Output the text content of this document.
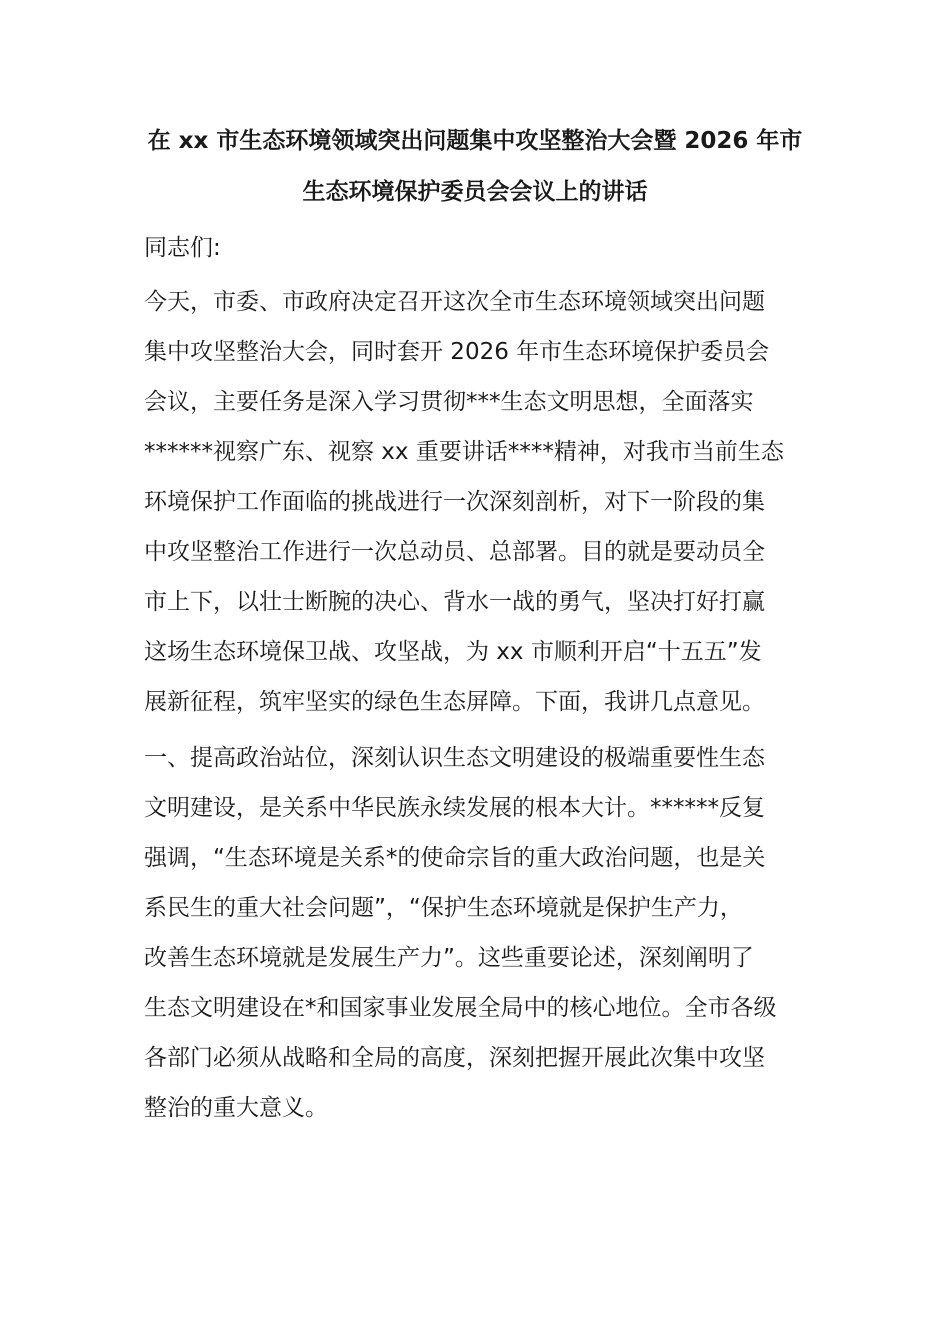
在 xx 市生态环境领域突出问题集中攻坚整治大会暨 2026 年市
生态环境保护委员会会议上的讲话
同志们:
今天，市委、市政府决定召开这次全市生态环境领域突出问题
集中攻坚整治大会，同时套开 2026 年市生态环境保护委员会
会议，主要任务是深入学习贯彻***生态文明思想，全面落实
******视察广东、视察 xx 重要讲话****精神，对我市当前生态
环境保护工作面临的挑战进行一次深刻剖析，对下一阶段的集
中攻坚整治工作进行一次总动员、总部署。目的就是要动员全
市上下，以壮士断腕的决心、背水一战的勇气，坚决打好打赢
这场生态环境保卫战、攻坚战，为 xx 市顺利开启“十五五”发
展新征程，筑牢坚实的绿色生态屏障。下面，我讲几点意见。
一、提高政治站位，深刻认识生态文明建设的极端重要性生态
文明建设，是关系中华民族永续发展的根本大计。******反复
强调，“生态环境是关系*的使命宗旨的重大政治问题，也是关
系民生的重大社会问题”，“保护生态环境就是保护生产力，
改善生态环境就是发展生产力”。这些重要论述，深刻阐明了
生态文明建设在*和国家事业发展全局中的核心地位。全市各级
各部门必须从战略和全局的高度，深刻把握开展此次集中攻坚
整治的重大意义。
